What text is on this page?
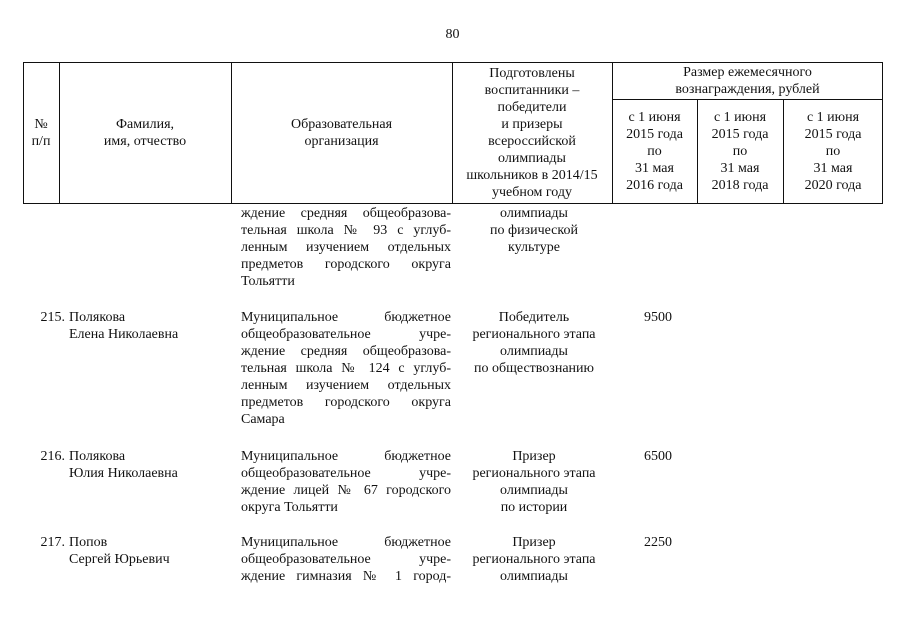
80
№
п/п
Фамилия,
имя, отчество
Образовательная
организация
Подготовлены
воспитанники –
победители
и призеры
всероссийской
олимпиады
школьников в 2014/15
учебном году
Размер ежемесячного
вознаграждения, рублей
с 1 июня
2015 года
по
31 мая
2016 года
с 1 июня
2015 года
по
31 мая
2018 года
с 1 июня
2015 года
по
31 мая
2020 года
ждение средняя общеобразова-
тельная школа № 93 с углуб-
ленным изучением отдельных
предметов городского округа
Тольятти
олимпиады
по физической
культуре
215. Полякова
Елена Николаевна
Муниципальное бюджетное
общеобразовательное учре-
ждение средняя общеобразова-
тельная школа № 124 с углуб-
ленным изучением отдельных
предметов городского округа
Самара
Победитель
регионального этапа
олимпиады
по обществознанию
9500
216. Полякова
Юлия Николаевна
Муниципальное бюджетное
общеобразовательное учре-
ждение лицей № 67 городского
округа Тольятти
Призер
регионального этапа
олимпиады
по истории
6500
217. Попов
Сергей Юрьевич
Муниципальное бюджетное
общеобразовательное учре-
ждение гимназия № 1 город-
Призер
регионального этапа
олимпиады
2250
